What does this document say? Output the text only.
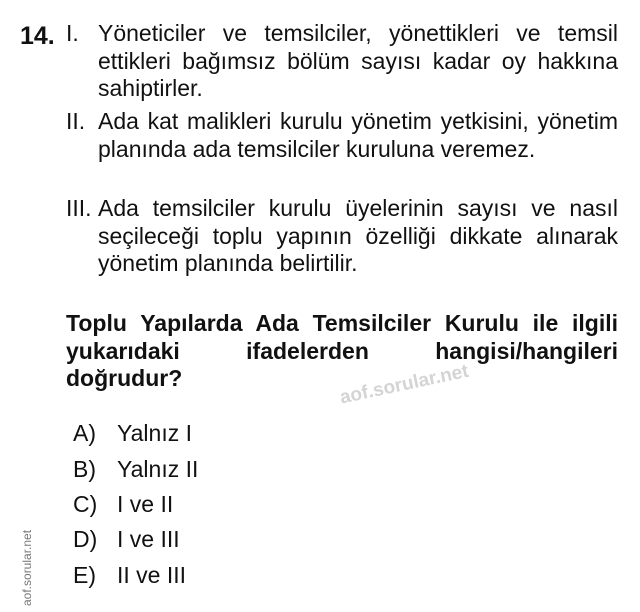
14. I. Yöneticiler ve temsilciler, yönettikleri ve temsil ettikleri bağımsız bölüm sayısı kadar oy hakkına sahiptirler.
II. Ada kat malikleri kurulu yönetim yetkisini, yönetim planında ada temsilciler kuruluna veremez.
III. Ada temsilciler kurulu üyelerinin sayısı ve nasıl seçileceği toplu yapının özelliği dikkate alınarak yönetim planında belirtilir.
Toplu Yapılarda Ada Temsilciler Kurulu ile ilgili yukarıdaki ifadelerden hangisi/hangileri doğrudur?	aof.sorular.net
A) Yalnız I
B) Yalnız II
C) I ve II
D) I ve III
E) II ve III
aof.sorular.net
